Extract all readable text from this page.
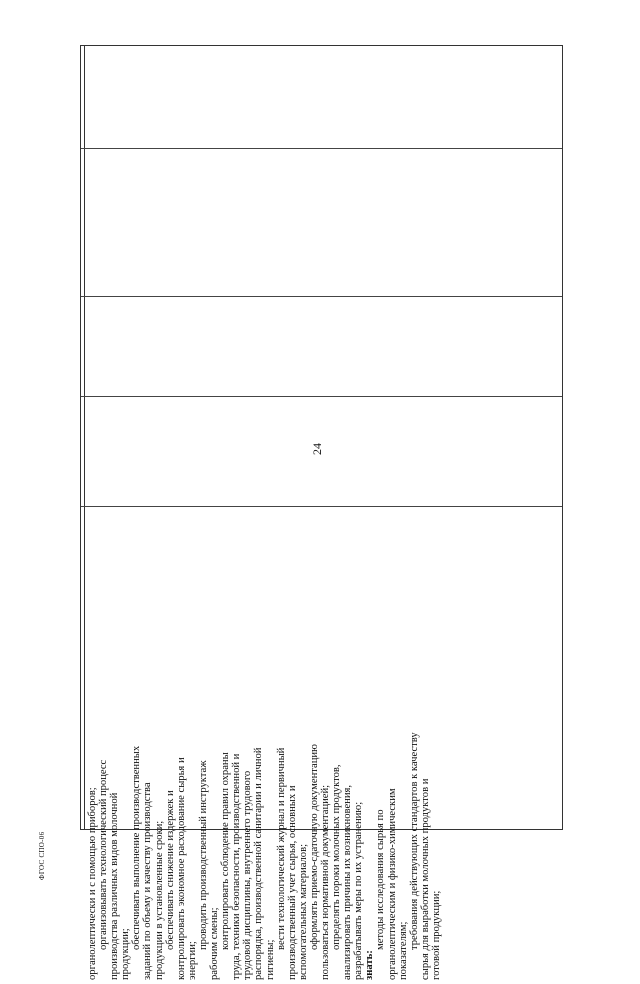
24
органолептически и с помощью приборов; организовывать технологический процесс производства различных видов молочной продукции;
обеспечивать выполнение производственных заданий по объему и качеству производства продукции в установленные сроки; обеспечивать снижение издержек и контролировать экономное расходование сырья и энергии;
проводить производственный инструктаж рабочим смены; контролировать соблюдение правил охраны труда, техники безопасности, производственной и трудовой дисциплины, внутреннего трудового распорядка, производственной санитарии и личной гигиены;
вести технологический журнал и первичный производственный учет сырья, основных и вспомогательных материалов; оформлять приемо-сдаточную документацию пользоваться нормативной документацией; определять пороки молочных продуктов, анализировать причины их возникновения, разрабатывать меры по их устранению; знать:
методы исследования сырья по органолептическим и физико-химическим показателям;
требования действующих стандартов к качеству сырья для выработки молочных продуктов и готовой продукции;
ФГОС СПО-06
